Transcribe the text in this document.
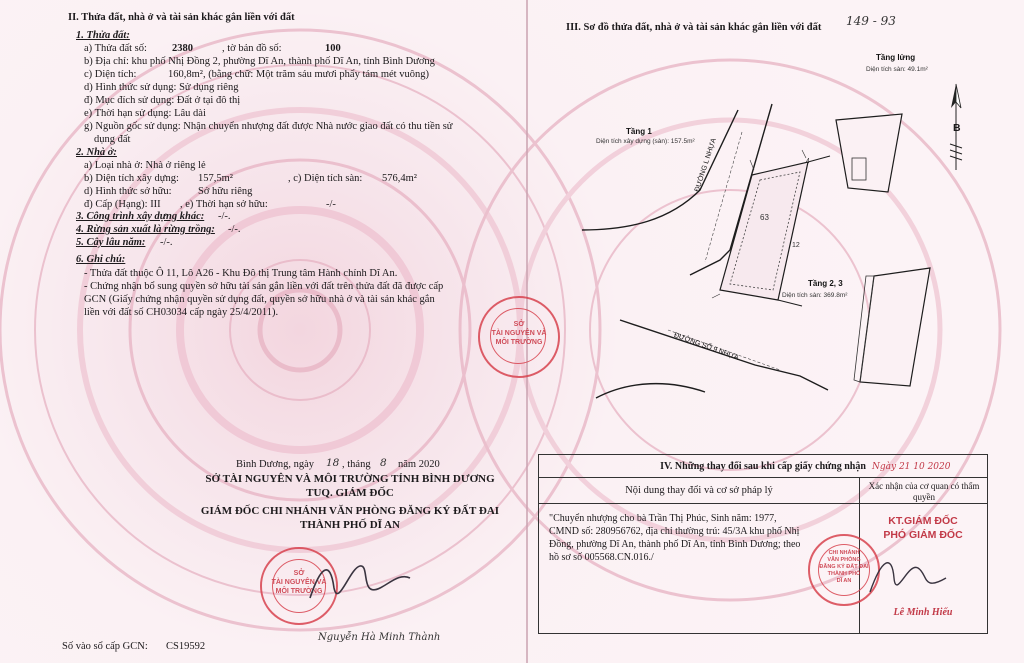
II. Thửa đất, nhà ở và tài sản khác gắn liền với đất
1. Thửa đất:
a) Thửa đất số: 2380	, tờ bản đồ số:	100
b) Địa chỉ: khu phố Nhị Đồng 2, phường Dĩ An, thành phố Dĩ An, tỉnh Bình Dương
c) Diện tích:	160,8m², (bằng chữ: Một trăm sáu mươi phẩy tám mét vuông)
d) Hình thức sử dụng: Sử dụng riêng
đ) Mục đích sử dụng: Đất ở tại đô thị
e) Thời hạn sử dụng: Lâu dài
g) Nguồn gốc sử dụng: Nhận chuyển nhượng đất được Nhà nước giao đất có thu tiền sử
dụng đất
2. Nhà ở:
a) Loại nhà ở: Nhà ở riêng lẻ
b) Diện tích xây dựng: 157,5m²	, c) Diện tích sàn: 576,4m²
d) Hình thức sở hữu:	Sở hữu riêng
đ) Cấp (Hạng): III , e) Thời hạn sở hữu:	-/-
3. Công trình xây dựng khác: -/-.
4. Rừng sản xuất là rừng trồng: -/-.
5. Cây lâu năm: -/-.
6. Ghi chú:
- Thửa đất thuộc Ô 11, Lô A26 - Khu Đô thị Trung tâm Hành chính Dĩ An.
- Chứng nhận bổ sung quyền sở hữu tài sản gắn liền với đất trên thửa đất đã được cấp
GCN (Giấy chứng nhận quyền sử dụng đất, quyền sở hữu nhà ở và tài sản khác gắn
liền với đất số CH03034 cấp ngày 25/4/2011).
Bình Dương, ngày 18 , tháng 8 năm 2020
SỞ TÀI NGUYÊN VÀ MÔI TRƯỜNG TỈNH BÌNH DƯƠNG
TUQ. GIÁM ĐỐC
GIÁM ĐỐC CHI NHÁNH VĂN PHÒNG ĐĂNG KÝ ĐẤT ĐAI
THÀNH PHỐ DĨ AN
SỞ
TÀI NGUYÊN VÀ
MÔI TRƯỜNG
Nguyễn Hà Minh Thành
SỞ
TÀI NGUYÊN VÀ
MÔI TRƯỜNG
Số vào sổ cấp GCN: CS19592
III. Sơ đồ thửa đất, nhà ở và tài sản khác gắn liền với đất 149 - 93
B
Tầng 1
Diện tích xây dựng (sàn): 157.5m²
Tầng lửng
Diện tích sàn: 49.1m²
Tầng 2, 3
Diện tích sàn: 369.8m²
ĐƯỜNG L NHỰA
ĐƯỜNG SỐ 9 NHỰA
4
63
12
IV. Những thay đổi sau khi cấp giấy chứng nhận
Nội dung thay đổi và cơ sở pháp lý	Xác nhận của cơ quan có thẩm quyền
"Chuyển nhượng cho bà Trần Thị Phúc, Sinh năm: 1977,
CMND số: 280956762, địa chỉ thường trú: 45/3A khu phố Nhị
Đồng, phường Dĩ An, thành phố Dĩ An, tỉnh Bình Dương; theo
hồ sơ số 005568.CN.016./
KT.GIÁM ĐỐC
PHÓ GIÁM ĐỐC
Lê Minh Hiếu
Ngày 21 10 2020
CHI NHÁNH
VĂN PHÒNG
ĐĂNG KÝ ĐẤT ĐAI
THÀNH PHỐ
DĨ AN
